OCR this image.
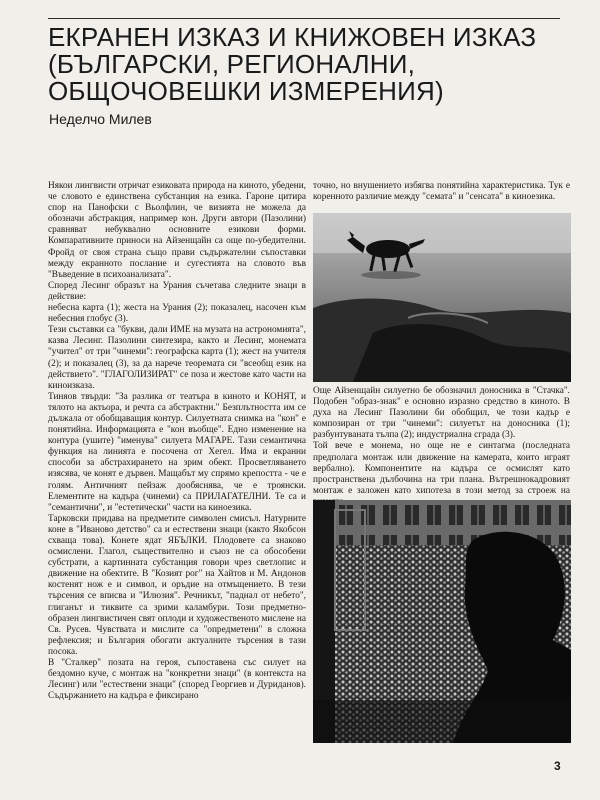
ЕКРАНЕН ИЗКАЗ И КНИЖОВЕН ИЗКАЗ
(БЪЛГАРСКИ, РЕГИОНАЛНИ,
ОБЩОЧОВЕШКИ ИЗМЕРЕНИЯ)
Неделчо Милев

Някои лингвисти отричат езиковата природа на киното, убедени, че словото е единствена субстанция на езика. Гароне цитира спор на Панофски с Вьолфлин, че визията не можела да обозначи абстракция, например кон. Други автори (Пазолини) сравняват небуквално основните езикови форми. Компаративните приноси на Айзенщайн са още по-убедителни. Фройд от своя страна също прави съдържателни съпоставки между екранното послание и сугестията на словото във "Въведение в психоанализата".

Според Лесинг образът на Урания съчетава следните знаци в действие:

небесна карта (1); жеста на Урания (2); показалец, насочен към небесния глобус (3).

Тези съставки са "букви, дали ИМЕ на музата на астрономията", казва Лесинг. Пазолини синтезира, както и Лесинг, монемата "учител" от три "чинеми": географска карта (1); жест на учителя (2); и показалец (3), за да наречe теоремата си "всеобщ език на действието". "ГЛАГОЛИЗИРАТ" се поза и жестове като части на киноизказа.

Тиняов твърди: "За разлика от театъра в киното и КОНЯТ, и тялото на актьора, и речта са абстрактни." Безплътността им се дължала от обобщаващия контур. Силуетната снимка на "кон" е понятийна. Информацията е "кон въобще". Едно изменение на контура (ушите) "именува" силуета МАГАРЕ. Тази семантична функция на линията е посочена от Хегел. Има и екранни способи за абстрахирането на зрим обект. Просветляването изясява, че конят е дървен. Мащабът му спрямо крепостта - че е голям. Античният пейзаж дообяснява, че е троянски. Елементите на кадъра (чинеми) са ПРИЛАГАТЕЛНИ. Те са и "семантични", и "естетически" части на киноезика.

Тарковски придава на предметите символен смисъл. Натурните коне в "Иваново детство" са и естествени знаци (както Якобсон схваща това). Конете ядат ЯБЪЛКИ. Плодовете са знаково осмислени. Глагол, съществително и съюз не са обособени субстрати, а картинната субстанция говори чрез светлопис и движение на обектите. В "Козият рог" на Хайтов и М. Андонов костенят нож е и символ, и оръдие на отмъщението. В тези търсения се вписва и "Илюзия". Речникът, "паднал от небето", глиганът и тиквите са зрими каламбури. Този предметно-образен лингвистичен свят оплоди и художественото мислене на Св. Русев. Чувствата и мислите са "опредметени" в сложна рефлексия; и България обогати актуалните търсения в тази посока.

В "Сталкер" позата на героя, съпоставена със силует на бездомно куче, с монтаж на "конкретни знаци" (в контекста на Лесинг) или "естествени знаци" (според Георгиев и Дуриданов). Съдържанието на кадъра е фиксирано

точно, но внушението избягва понятийна характеристика. Тук е коренното различие между "семата" и "сенсата" в киноезика.

Още Айзенщайн силуетно бе обозначил доносника в "Стачка". Подобен "образ-знак" е основно изразно средство в киното. В духа на Лесинг Пазолини би обобщил, че този кадър е композиран от три "чинеми": силуетът на доносника (1); разбунтуваната тълпа (2); индустриална сграда (3).

Той вече е монема, но още не е синтагма (последната предполага монтаж или движение на камерата, които играят вербално). Компонентите на кадъра се осмислят като пространствена дълбочина на три плана. Вътрешнокадровият монтаж е заложен като хипотеза в този метод за строеж на

3
